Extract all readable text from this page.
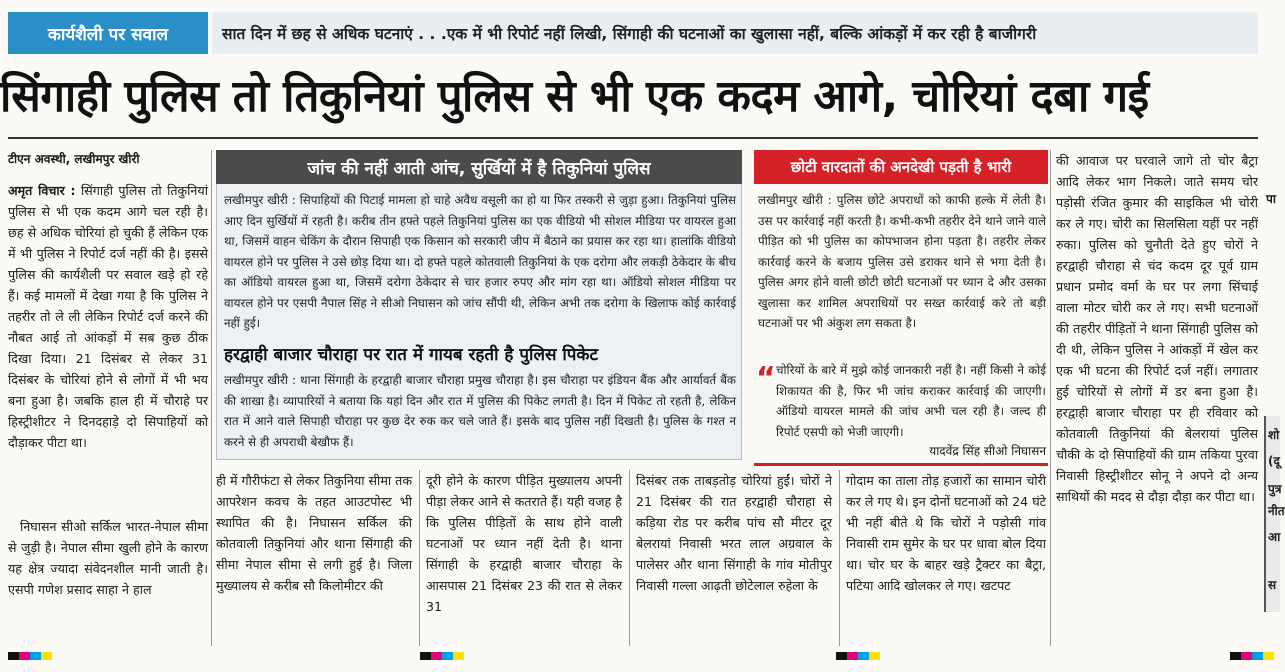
कार्यशैली पर सवाल	सात दिन में छह से अधिक घटनाएं . . .एक में भी रिपोर्ट नहीं लिखी, सिंगाही की घटनाओं का खुलासा नहीं, बल्कि आंकड़ों में कर रही है बाजीगरी
सिंगाही पुलिस तो तिकुनियां पुलिस से भी एक कदम आगे, चोरियां दबा गई
टीएन अवस्थी, लखीमपुर खीरी
अमृत विचार : सिंगाही पुलिस तो तिकुनियां पुलिस से भी एक कदम आगे चल रही है। छह से अधिक चोरियां हो चुकी हैं लेकिन एक में भी पुलिस ने रिपोर्ट दर्ज नहीं की है। इससे पुलिस की कार्यशैली पर सवाल खड़े हो रहे हैं। कई मामलों में देखा गया है कि पुलिस ने तहरीर तो ले ली लेकिन रिपोर्ट दर्ज करने की नौबत आई तो आंकड़ों में सब कुछ ठीक दिखा दिया। 21 दिसंबर से लेकर 31 दिसंबर के चोरियां होने से लोगों में भी भय बना हुआ है। जबकि हाल ही में चौराहे पर हिस्ट्रीशीटर ने दिनदहाड़े दो सिपाहियों को दौड़ाकर पीटा था।
निघासन सीओ सर्किल भारत-नेपाल सीमा से जुड़ी है। नेपाल सीमा खुली होने के कारण यह क्षेत्र ज्यादा संवेदनशील मानी जाती है। एसपी गणेश प्रसाद साहा ने हाल
जांच की नहीं आती आंच, सुर्खियों में है तिकुनियां पुलिस
लखीमपुर खीरी : सिपाहियों की पिटाई मामला हो चाहे अवैध वसूली का हो या फिर तस्करी से जुड़ा हुआ। तिकुनियां पुलिस आए दिन सुर्खियों में रहती है। करीब तीन हफ्ते पहले तिकुनियां पुलिस का एक वीडियो भी सोशल मीडिया पर वायरल हुआ था, जिसमें वाहन चेकिंग के दौरान सिपाही एक किसान को सरकारी जीप में बैठाने का प्रयास कर रहा था। हालांकि वीडियो वायरल होने पर पुलिस ने उसे छोड़ दिया था। दो हफ्ते पहले कोतवाली तिकुनियां के एक दरोगा और लकड़ी ठेकेदार के बीच का ऑडियो वायरल हुआ था, जिसमें दरोगा ठेकेदार से चार हजार रुपए और मांग रहा था। ऑडियो सोशल मीडिया पर वायरल होने पर एसपी नैपाल सिंह ने सीओ निघासन को जांच सौंपी थी, लेकिन अभी तक दरोगा के खिलाफ कोई कार्रवाई नहीं हुई।
हरद्वाही बाजार चौराहा पर रात में गायब रहती है पुलिस पिकेट
लखीमपुर खीरी : थाना सिंगाही के हरद्वाही बाजार चौराहा प्रमुख चौराहा है। इस चौराहा पर इंडियन बैंक और आर्यावर्त बैंक की शाखा है। व्यापारियों ने बताया कि यहां दिन और रात में पुलिस की पिकेट लगती है। दिन में पिकेट तो रहती है, लेकिन रात में आने वाले सिपाही चौराहा पर कुछ देर रुक कर चले जाते हैं। इसके बाद पुलिस नहीं दिखती है। पुलिस के गश्त न करने से ही अपराधी बेखौफ हैं।
छोटी वारदातों की अनदेखी पड़ती है भारी
लखीमपुर खीरी : पुलिस छोटे अपराधों को काफी हल्के में लेती है। उस पर कार्रवाई नहीं करती है। कभी-कभी तहरीर देने थाने जाने वाले पीड़ित को भी पुलिस का कोपभाजन होना पड़ता है। तहरीर लेकर कार्रवाई करने के बजाय पुलिस उसे डराकर थाने से भगा देती है। पुलिस अगर होने वाली छोटी छोटी घटनाओं पर ध्यान दे और उसका खुलासा कर शामिल अपराधियों पर सख्त कार्रवाई करे तो बड़ी घटनाओं पर भी अंकुश लग सकता है।
“ चोरियों के बारे में मुझे कोई जानकारी नहीं है। नहीं किसी ने कोई शिकायत की है, फिर भी जांच कराकर कार्रवाई की जाएगी। ऑडियो वायरल मामले की जांच अभी चल रही है। जल्द ही रिपोर्ट एसपी को भेजी जाएगी।
यादवेंद्र सिंह सीओ निघासन
ही में गौरीफंटा से लेकर तिकुनिया सीमा तक आपरेशन कवच के तहत आउटपोस्ट भी स्थापित की है। निघासन सर्किल की कोतवाली तिकुनियां और थाना सिंगाही की सीमा नेपाल सीमा से लगी हुई है। जिला मुख्यालय से करीब सौ किलोमीटर की
दूरी होने के कारण पीड़ित मुख्यालय अपनी पीड़ा लेकर आने से कतराते हैं। यही वजह है कि पुलिस पीड़ितों के साथ होने वाली घटनाओं पर ध्यान नहीं देती है। थाना सिंगाही के हरद्वाही बाजार चौराहा के आसपास 21 दिसंबर 23 की रात से लेकर 31
दिसंबर तक ताबड़तोड़ चोरियां हुईं। चोरों ने 21 दिसंबर की रात हरद्वाही चौराहा से कड़िया रोड पर करीब पांच सौ मीटर दूर बेलरायां निवासी भरत लाल अग्रवाल के पालेसर और थाना सिंगाही के गांव मोतीपुर निवासी गल्ला आढ़ती छोटेलाल रुहेला के
गोदाम का ताला तोड़ हजारों का सामान चोरी कर ले गए थे। इन दोनों घटनाओं को 24 घंटे भी नहीं बीते थे कि चोरों ने पड़ोसी गांव निवासी राम सुमेर के घर पर धावा बोल दिया था। चोर घर के बाहर खड़े ट्रैक्टर का बैट्रा, पटिया आदि खोलकर ले गए। खटपट
की आवाज पर घरवाले जागे तो चोर बैट्रा आदि लेकर भाग निकले। जाते समय चोर पड़ोसी रंजित कुमार की साइकिल भी चोरी कर ले गए। चोरी का सिलसिला यहीं पर नहीं रुका। पुलिस को चुनौती देते हुए चोरों ने हरद्वाही चौराहा से चंद कदम दूर पूर्व ग्राम प्रधान प्रमोद वर्मा के घर पर लगा सिंचाई वाला मोटर चोरी कर ले गए। सभी घटनाओं की तहरीर पीड़ितों ने थाना सिंगाही पुलिस को दी थी, लेकिन पुलिस ने आंकड़ों में खेल कर एक भी घटना की रिपोर्ट दर्ज नहीं। लगातार हुई चोरियों से लोगों में डर बना हुआ है। हरद्वाही बाजार चौराहा पर ही रविवार को कोतवाली तिकुनियां की बेलरायां पुलिस चौकी के दो सिपाहियों की ग्राम तकिया पुरवा निवासी हिस्ट्रीशीटर सोनू ने अपने दो अन्य साथियों की मदद से दौड़ा दौड़ा कर पीटा था।
शो
(दू
पुत्र
नीत
आ
स
पा
